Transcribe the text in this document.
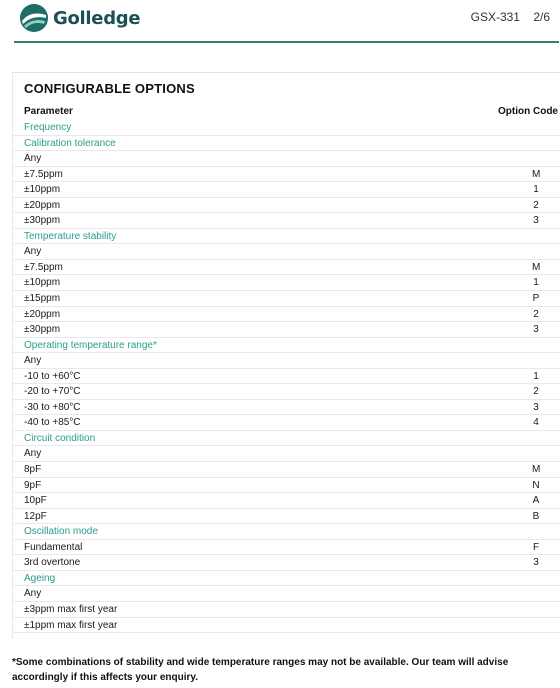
Golledge	GSX-331 2/6
CONFIGURABLE OPTIONS
Parameter	Option Code
Frequency
Calibration tolerance
Any
±7.5ppm	M
±10ppm	1
±20ppm	2
±30ppm	3
Temperature stability
Any
±7.5ppm	M
±10ppm	1
±15ppm	P
±20ppm	2
±30ppm	3
Operating temperature range*
Any
-10 to +60°C	1
-20 to +70°C	2
-30 to +80°C	3
-40 to +85°C	4
Circuit condition
Any
8pF	M
9pF	N
10pF	A
12pF	B
Oscillation mode
Fundamental	F
3rd overtone	3
Ageing
Any
±3ppm max first year
±1ppm max first year
*Some combinations of stability and wide temperature ranges may not be available. Our team will advise accordingly if this affects your enquiry.
